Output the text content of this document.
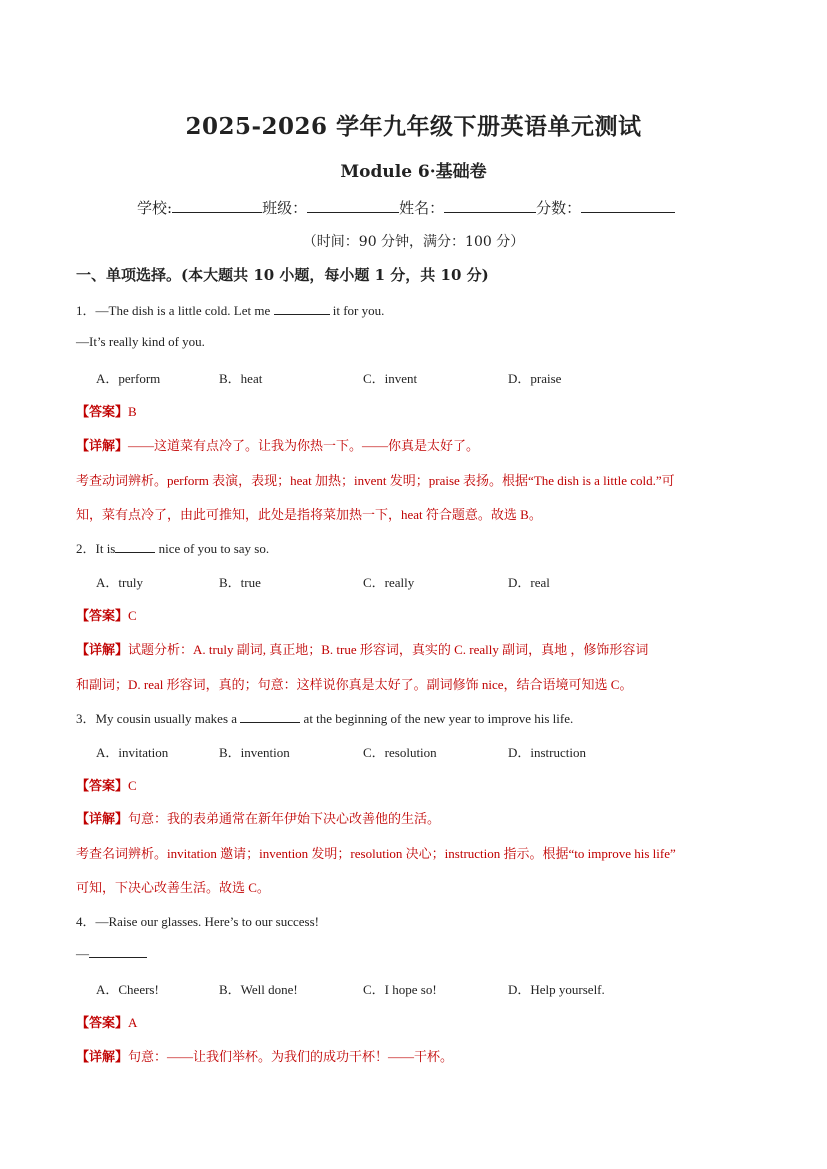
2025-2026 学年九年级下册英语单元测试
Module 6·基础卷
学校:	班级：	姓名：	分数：
（时间：90 分钟，满分：100 分）
一、单项选择。(本大题共 10 小题，每小题 1 分，共 10 分)
1．—The dish is a little cold. Let me	it for you.
—It’s really kind of you.
A．perform	B．heat	C．invent	D．praise
【答案】B
【详解】——这道菜有点冷了。让我为你热一下。——你真是太好了。
考查动词辨析。perform 表演，表现；heat 加热；invent 发明；praise 表扬。根据“The dish is a little cold.”可
知，菜有点冷了，由此可推知，此处是指将菜加热一下，heat 符合题意。故选 B。
2．It is	nice of you to say so.
A．truly	B．true	C．really	D．real
【答案】C
【详解】试题分析：A. truly 副词, 真正地；B. true 形容词，真实的 C. really 副词，真地 ，修饰形容词
和副词；D. real 形容词，真的；句意：这样说你真是太好了。副词修饰 nice，结合语境可知选 C。
3．My cousin usually makes a	at the beginning of the new year to improve his life.
A．invitation	B．invention	C．resolution	D．instruction
【答案】C
【详解】句意：我的表弟通常在新年伊始下决心改善他的生活。
考查名词辨析。invitation 邀请；invention 发明；resolution 决心；instruction 指示。根据“to improve his life”
可知，下决心改善生活。故选 C。
4．—Raise our glasses. Here’s to our success!
—
A．Cheers!	B．Well done!	C．I hope so!	D．Help yourself.
【答案】A
【详解】句意：——让我们举杯。为我们的成功干杯！——干杯。
